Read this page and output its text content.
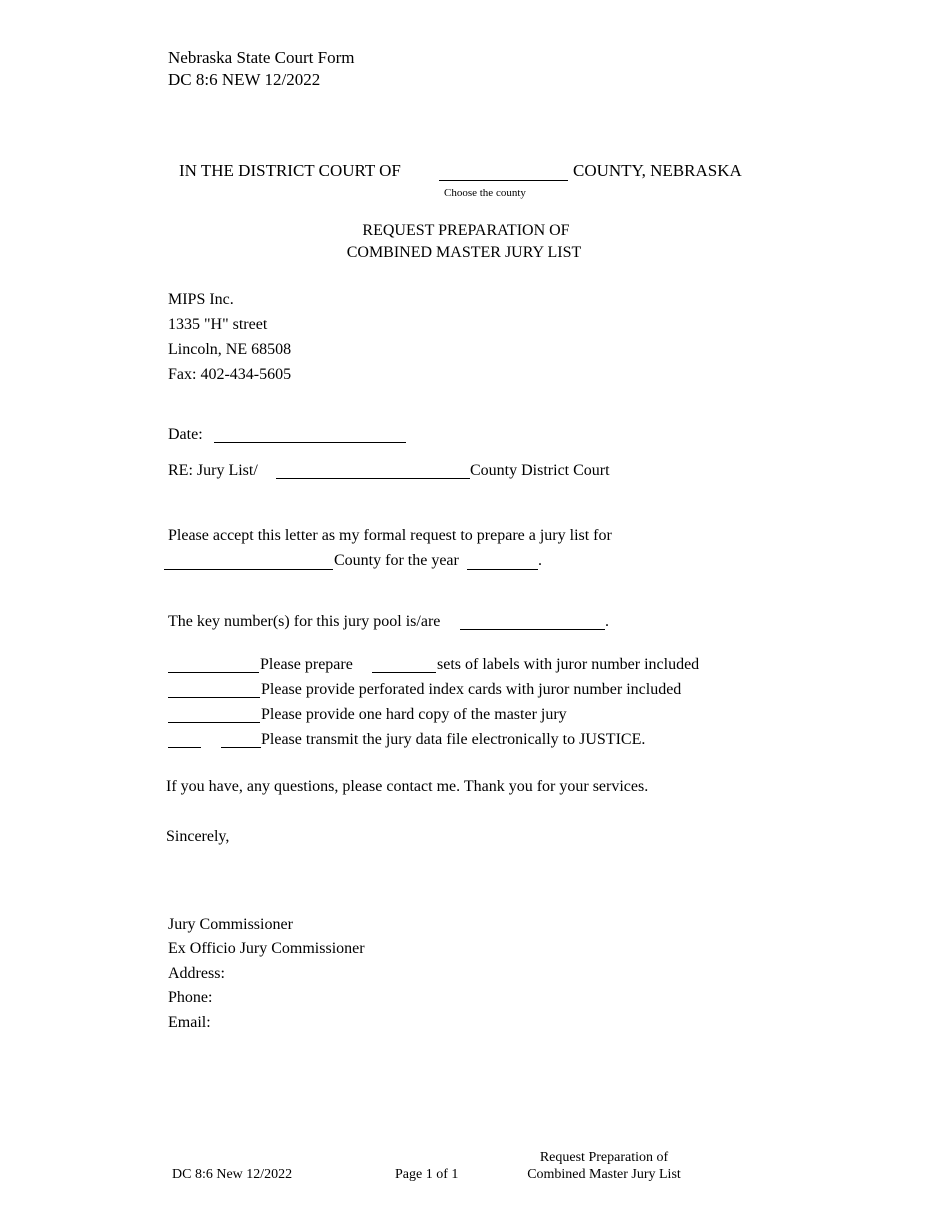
Nebraska State Court Form
DC 8:6 NEW 12/2022
IN THE DISTRICT COURT OF	COUNTY, NEBRASKA
Choose the county
REQUEST PREPARATION OF
COMBINED MASTER JURY LIST
MIPS Inc.
1335 "H" street
Lincoln, NE 68508
Fax: 402-434-5605
Date:
RE: Jury List/	County District Court
Please accept this letter as my formal request to prepare a jury list for
County for the year	.
The key number(s) for this jury pool is/are	.
Please prepare	sets of labels with juror number included
Please provide perforated index cards with juror number included
Please provide one hard copy of the master jury
Please transmit the jury data file electronically to JUSTICE.
If you have, any questions, please contact me. Thank you for your services.
Sincerely,
Jury Commissioner
Ex Officio Jury Commissioner
Address:
Phone:
Email:
DC 8:6 New 12/2022	Page 1 of 1
Request Preparation of
Combined Master Jury List
